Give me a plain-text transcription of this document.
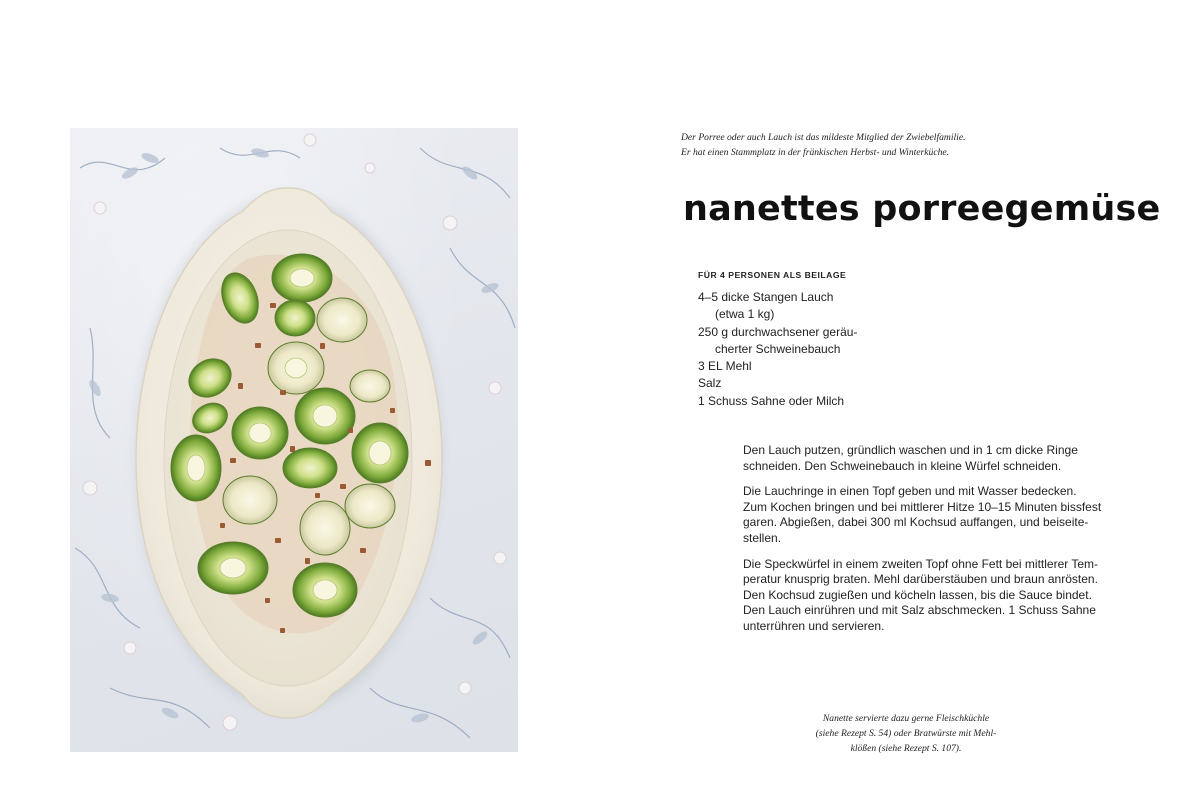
Der Porree oder auch Lauch ist das mildeste Mitglied der Zwiebelfamilie.
Er hat einen Stammplatz in der fränkischen Herbst- und Winterküche.
nanettes porreegemüse
FÜR 4 PERSONEN ALS BEILAGE
4–5 dicke Stangen Lauch
(etwa 1 kg)
250 g durchwachsener geräu-
cherter Schweinebauch
3 EL Mehl
Salz
1 Schuss Sahne oder Milch

Den Lauch putzen, gründlich waschen und in 1 cm dicke Ringe
schneiden. Den Schweinebauch in kleine Würfel schneiden.

Die Lauchringe in einen Topf geben und mit Wasser bedecken.
Zum Kochen bringen und bei mittlerer Hitze 10–15 Minuten bissfest
garen. Abgießen, dabei 300 ml Kochsud auffangen, und beiseite-
stellen.

Die Speckwürfel in einem zweiten Topf ohne Fett bei mittlerer Tem-
peratur knusprig braten. Mehl darüberstäuben und braun anrösten.
Den Kochsud zugießen und köcheln lassen, bis die Sauce bindet.
Den Lauch einrühren und mit Salz abschmecken. 1 Schuss Sahne
unterrühren und servieren.

Nanette servierte dazu gerne Fleischküchle
(siehe Rezept S. 54) oder Bratwürste mit Mehl-
klößen (siehe Rezept S. 107).
